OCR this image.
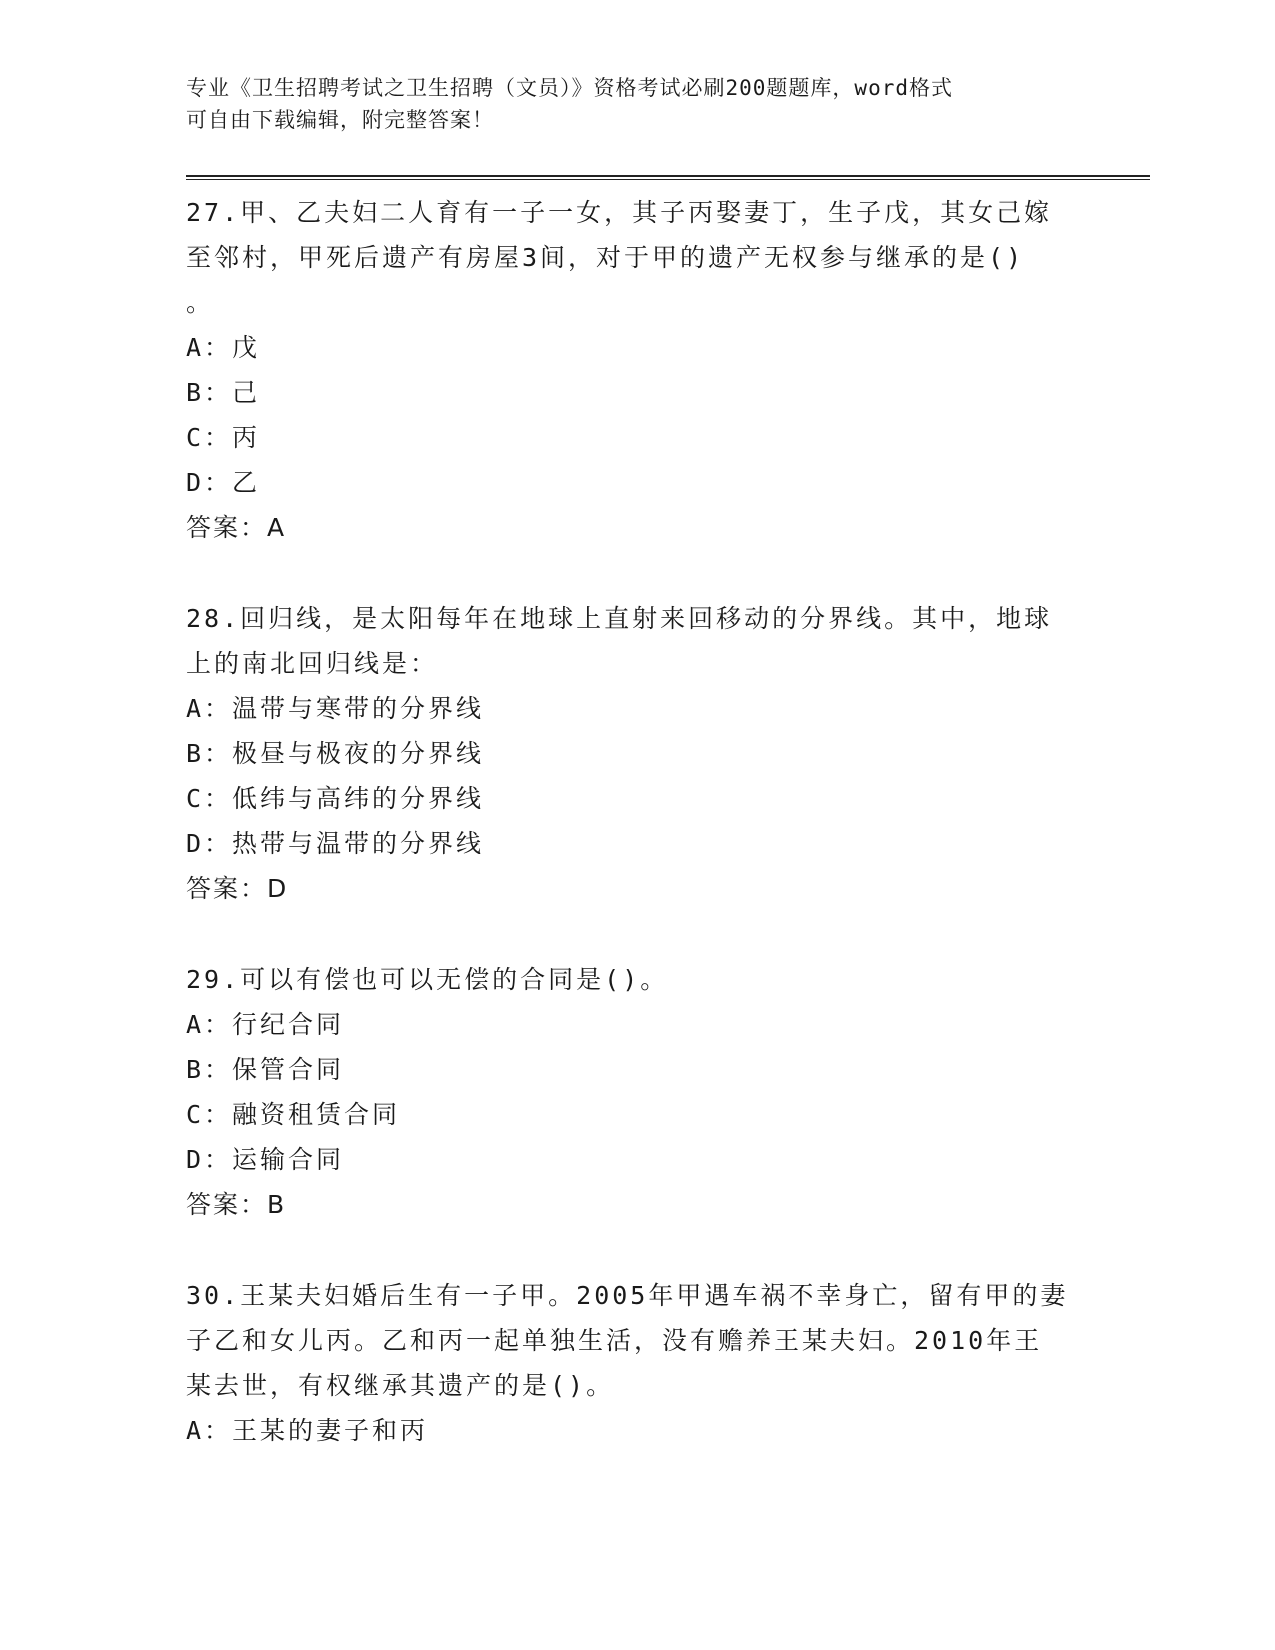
专业《卫生招聘考试之卫生招聘（文员）》资格考试必刷200题题库，word格式
可自由下载编辑，附完整答案！
27.甲、乙夫妇二人育有一子一女，其子丙娶妻丁，生子戊，其女己嫁
至邻村，甲死后遗产有房屋3间，对于甲的遗产无权参与继承的是()
。
A：戊
B：己
C：丙
D：乙
答案：A
28.回归线，是太阳每年在地球上直射来回移动的分界线。其中，地球
上的南北回归线是：
A：温带与寒带的分界线
B：极昼与极夜的分界线
C：低纬与高纬的分界线
D：热带与温带的分界线
答案：D
29.可以有偿也可以无偿的合同是()。
A：行纪合同
B：保管合同
C：融资租赁合同
D：运输合同
答案：B
30.王某夫妇婚后生有一子甲。2005年甲遇车祸不幸身亡，留有甲的妻
子乙和女儿丙。乙和丙一起单独生活，没有赡养王某夫妇。2010年王
某去世，有权继承其遗产的是()。
A：王某的妻子和丙
